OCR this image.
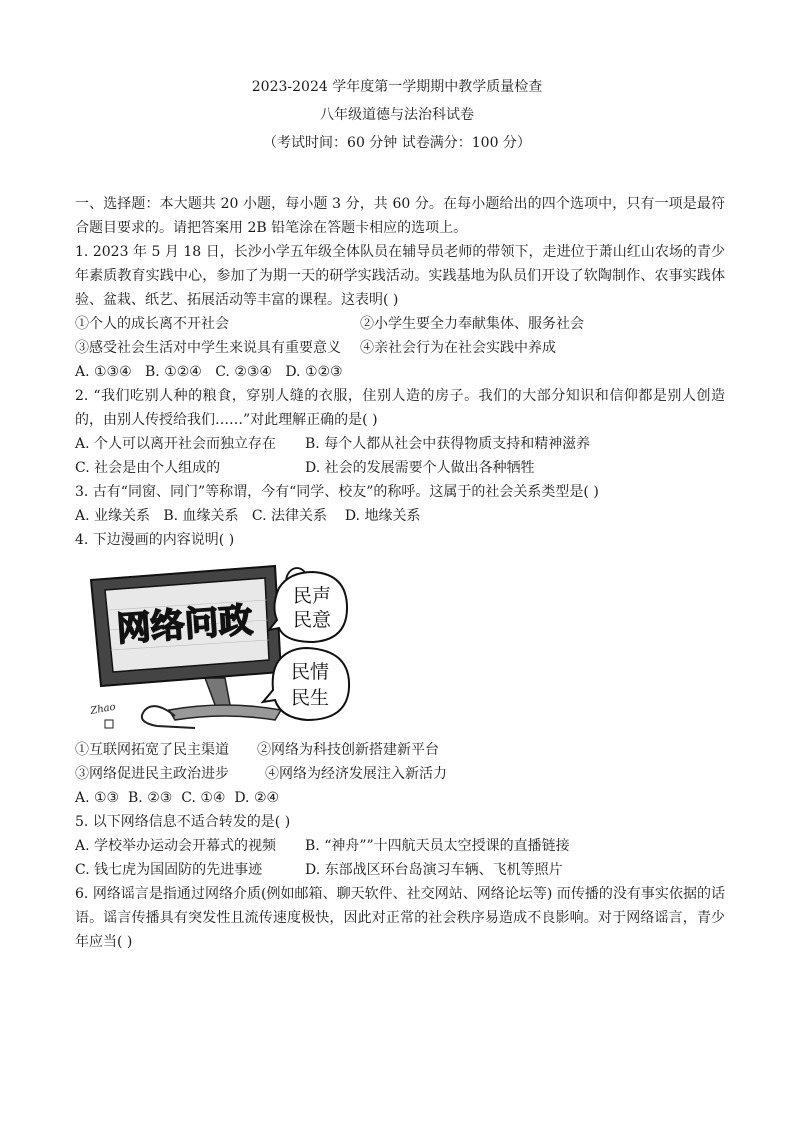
2023-2024 学年度第一学期期中教学质量检查
八年级道德与法治科试卷
（考试时间：60 分钟 试卷满分：100 分）

一、选择题：本大题共 20 小题，每小题 3 分，共 60 分。在每小题给出的四个选项中，只有一项是最符合题目要求的。请把答案用 2B 铅笔涂在答题卡相应的选项上。

1. 2023 年 5 月 18 日，长沙小学五年级全体队员在辅导员老师的带领下，走进位于萧山红山农场的青少年素质教育实践中心，参加了为期一天的研学实践活动。实践基地为队员们开设了软陶制作、农事实践体验、盆栽、纸艺、拓展活动等丰富的课程。这表明( )

①个人的成长离不开社会	②小学生要全力奉献集体、服务社会
③感受社会生活对中学生来说具有重要意义	④亲社会行为在社会实践中养成

A. ①③④   B. ①②④   C. ②③④   D. ①②③

2. “我们吃别人种的粮食，穿别人缝的衣服，住别人造的房子。我们的大部分知识和信仰都是别人创造的，由别人传授给我们……”对此理解正确的是( )

A. 个人可以离开社会而独立存在	B. 每个人都从社会中获得物质支持和精神滋养
C. 社会是由个人组成的	D. 社会的发展需要个人做出各种牺牲

3. 古有“同窗、同门”等称谓，今有“同学、校友”的称呼。这属于的社会关系类型是( )

A. 业缘关系   B. 血缘关系   C. 法律关系    D. 地缘关系

4. 下边漫画的内容说明( )

网络问政
民声
民意
民情
民生
Zhao
①互联网拓宽了民主渠道	②网络为科技创新搭建新平台
③网络促进民主政治进步	④网络为经济发展注入新活力

A. ①③  B. ②③  C. ①④  D. ②④

5. 以下网络信息不适合转发的是( )

A. 学校举办运动会开幕式的视频	B. “神舟””十四航天员太空授课的直播链接
C. 钱七虎为国固防的先进事迹	D. 东部战区环台岛演习车辆、飞机等照片

6. 网络谣言是指通过网络介质(例如邮箱、聊天软件、社交网站、网络论坛等) 而传播的没有事实依据的话语。谣言传播具有突发性且流传速度极快，因此对正常的社会秩序易造成不良影响。对于网络谣言，青少年应当( )
